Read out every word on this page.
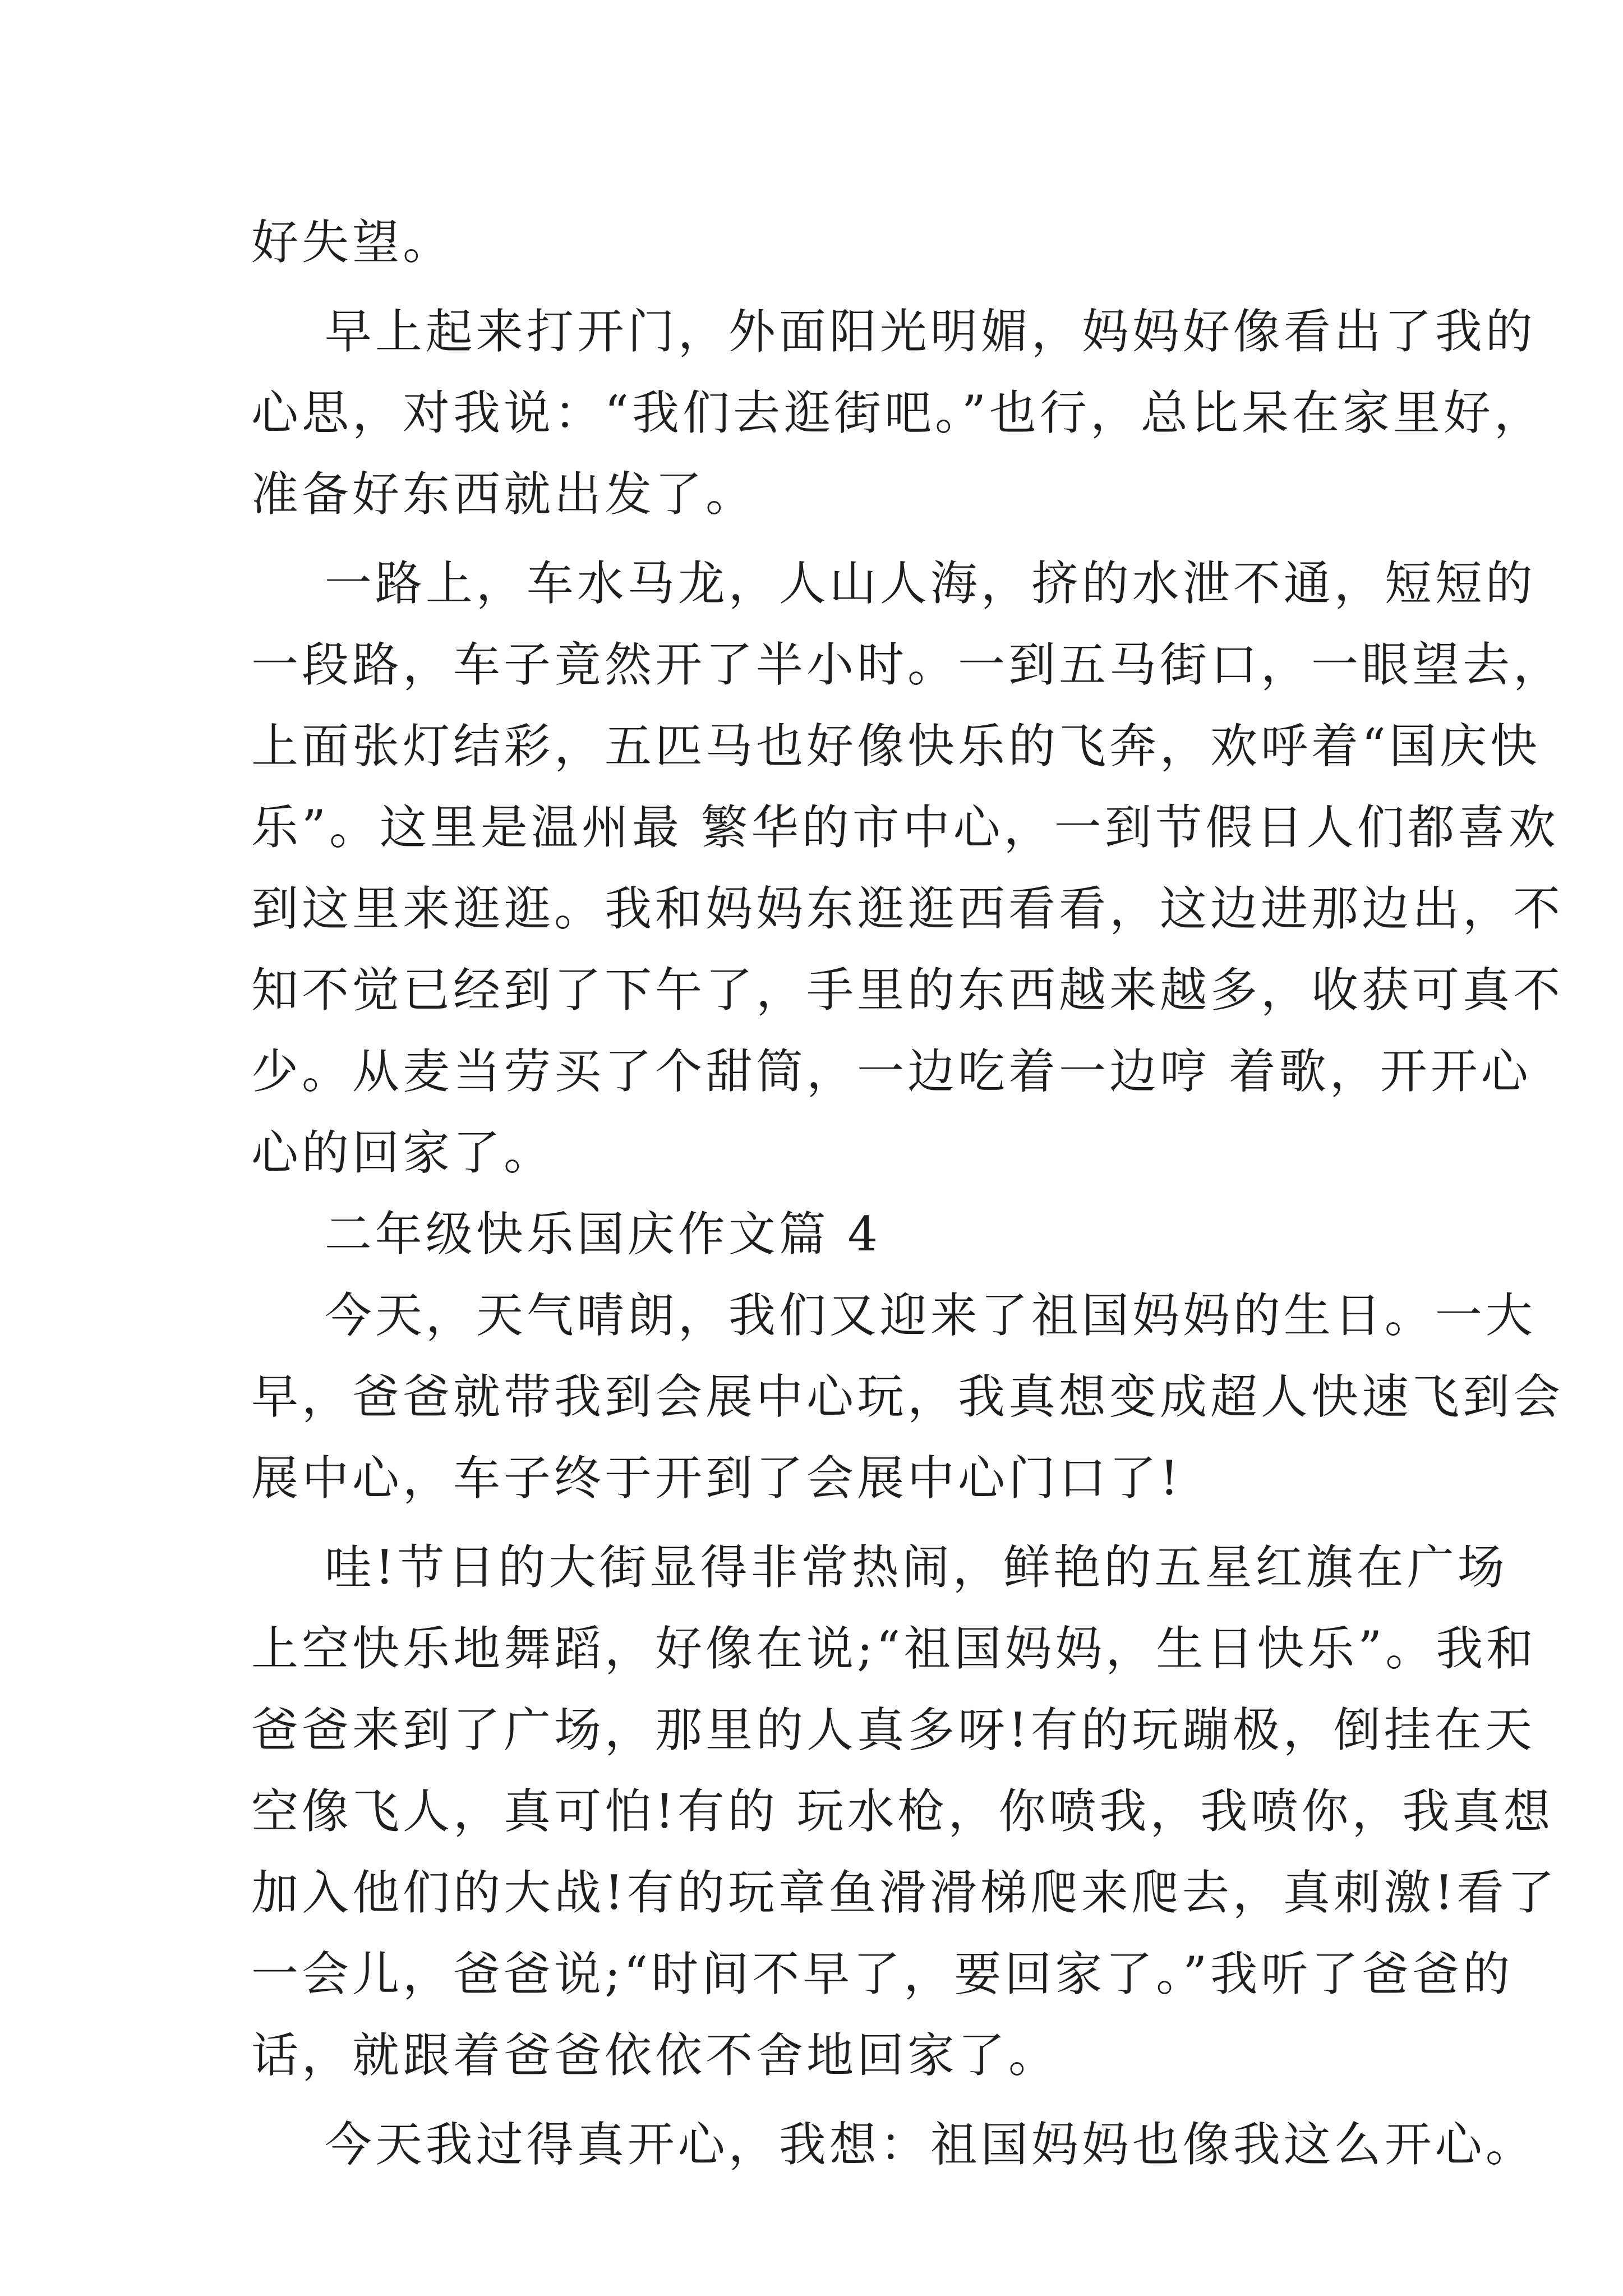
好失望。
早上起来打开门，外面阳光明媚，妈妈好像看出了我的
心思，对我说：“我们去逛街吧。”也行，总比呆在家里好，
准备好东西就出发了。
一路上，车水马龙，人山人海，挤的水泄不通，短短的
一段路，车子竟然开了半小时。一到五马街口，一眼望去，
上面张灯结彩，五匹马也好像快乐的飞奔，欢呼着“国庆快
乐”。这里是温州最 繁华的市中心，一到节假日人们都喜欢
到这里来逛逛。我和妈妈东逛逛西看看，这边进那边出，不
知不觉已经到了下午了，手里的东西越来越多，收获可真不
少。从麦当劳买了个甜筒，一边吃着一边哼 着歌，开开心
心的回家了。
二年级快乐国庆作文篇 4
今天，天气晴朗，我们又迎来了祖国妈妈的生日。一大
早，爸爸就带我到会展中心玩，我真想变成超人快速飞到会
展中心，车子终于开到了会展中心门口了!
哇!节日的大街显得非常热闹，鲜艳的五星红旗在广场
上空快乐地舞蹈，好像在说;“祖国妈妈，生日快乐”。我和
爸爸来到了广场，那里的人真多呀!有的玩蹦极，倒挂在天
空像飞人，真可怕!有的 玩水枪，你喷我，我喷你，我真想
加入他们的大战!有的玩章鱼滑滑梯爬来爬去，真刺激!看了
一会儿，爸爸说;“时间不早了，要回家了。”我听了爸爸的
话，就跟着爸爸依依不舍地回家了。
今天我过得真开心，我想：祖国妈妈也像我这么开心。
